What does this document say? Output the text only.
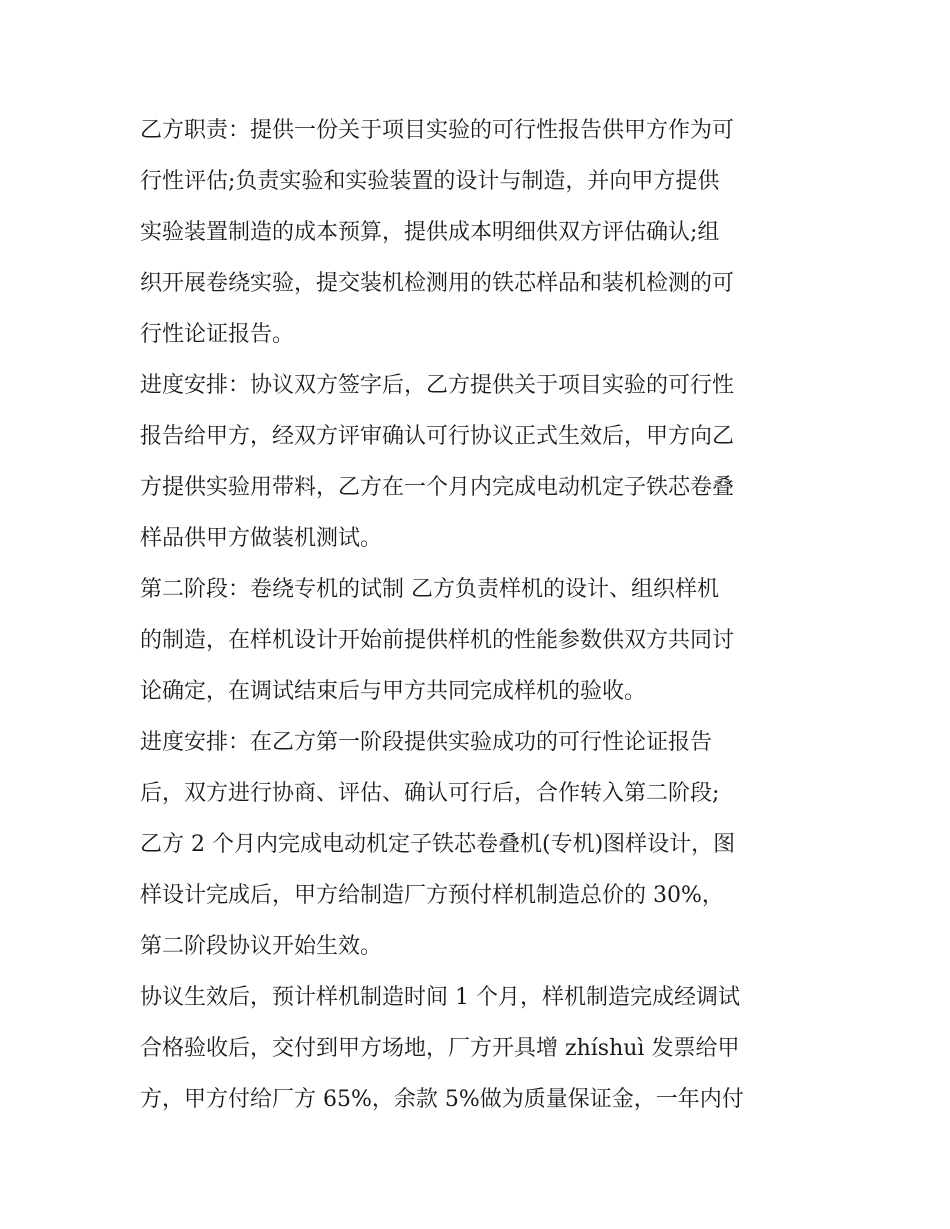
乙方职责：提供一份关于项目实验的可行性报告供甲方作为可
行性评估;负责实验和实验装置的设计与制造，并向甲方提供
实验装置制造的成本预算，提供成本明细供双方评估确认;组
织开展卷绕实验，提交装机检测用的铁芯样品和装机检测的可
行性论证报告。
进度安排：协议双方签字后，乙方提供关于项目实验的可行性
报告给甲方，经双方评审确认可行协议正式生效后，甲方向乙
方提供实验用带料，乙方在一个月内完成电动机定子铁芯卷叠
样品供甲方做装机测试。
第二阶段：卷绕专机的试制 乙方负责样机的设计、组织样机
的制造，在样机设计开始前提供样机的性能参数供双方共同讨
论确定，在调试结束后与甲方共同完成样机的验收。
进度安排：在乙方第一阶段提供实验成功的可行性论证报告
后，双方进行协商、评估、确认可行后，合作转入第二阶段;
乙方 2 个月内完成电动机定子铁芯卷叠机(专机)图样设计，图
样设计完成后，甲方给制造厂方预付样机制造总价的 30%，
第二阶段协议开始生效。
协议生效后，预计样机制造时间 1 个月，样机制造完成经调试
合格验收后，交付到甲方场地，厂方开具增 zhíshuì 发票给甲
方，甲方付给厂方 65%，余款 5%做为质量保证金，一年内付
